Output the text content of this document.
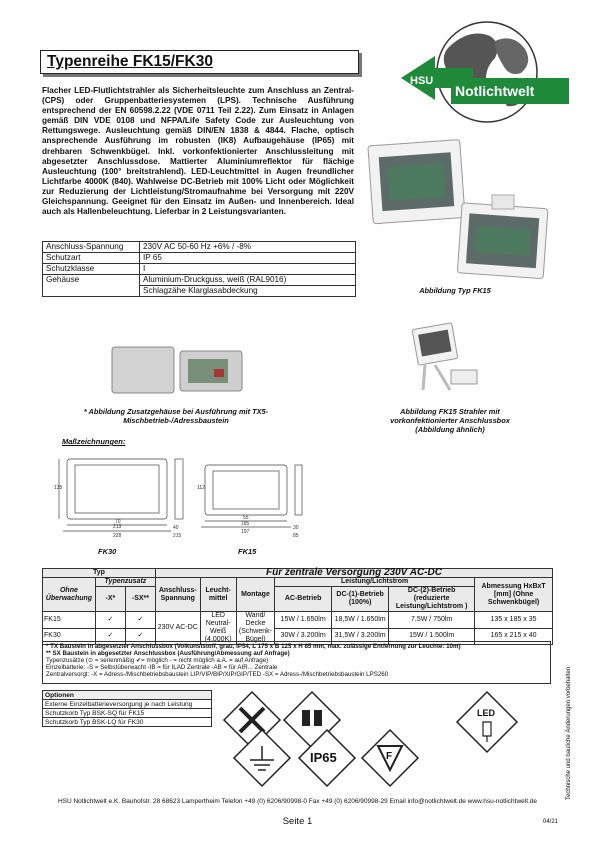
Typenreihe FK15/FK30
HSU
Notlichtwelt
Flacher LED-Flutlichtstrahler als Sicherheitsleuchte zum Anschluss an Zentral- (CPS) oder Gruppenbatteriesystemen (LPS). Technische Ausführung entsprechend der EN 60598.2.22 (VDE 0711 Teil 2.22). Zum Einsatz in Anlagen gemäß DIN VDE 0108 und NFPA/Life Safety Code zur Ausleuchtung von Rettungswege. Ausleuchtung gemäß DIN/EN 1838 & 4844. Flache, optisch ansprechende Ausführung im robusten (IK8) Aufbaugehäuse (IP65) mit drehbaren Schwenkbügel. Inkl. vorkonfektionierter Anschlussleitung mit abgesetzter Anschlussdose. Mattierter Aluminiumreflektor für flächige Ausleuchtung (100° breitstrahlend). LED-Leuchtmittel in Augen freundlicher Lichtfarbe 4000K (840). Wahlweise DC-Betrieb mit 100% Licht oder Möglichkeit zur Reduzierung der Lichtleistung/Stromaufnahme bei Versorgung mit 220V Gleichspannung. Geeignet für den Einsatz im Außen- und Innenbereich. Ideal auch als Hallenbeleuchtung. Lieferbar in 2 Leistungsvarianten.
Anschluss-Spannung	230V AC 50-60 Hz +6% / -8%
Schutzart	IP 65
Schutzklasse	I
Gehäuse	Aluminium-Druckguss, weiß (RAL9016)
	Schlagzähe Klarglasabdeckung	Abbildung Typ FK15
* Abbildung Zusatzgehäuse bei Ausführung mit TX5-Mischbetrieb-/Adressbaustein
Abbildung FK15 Strahler mit vorkonfektionierter Anschlussbox (Abbildung ähnlich)
Maßzeichnungen:
213
228
135
215
70
40
185
197
112
85
55
30
FK30	FK15
Typ			Für zentrale Versorgung 230V AC-DC						
Ohne Überwachung	Typenzusatz		Anschluss-Spannung	Leucht-mittel	Montage	Leistung/Lichtstrom			Abmessung HxBxT [mm] (Ohne Schwenkbügel)
	-X*	-SX**				AC-Betrieb	DC-(1)-Betrieb (100%)	DC-(2)-Betrieb (reduzierte Leistung/Lichtstrom )	
FK15	✓	✓	230V AC-DC	LED Neutral-Weiß (4.000K)	Wand/ Decke (Schwenk-Bügel)	15W / 1.650lm	18,5W / 1.650lm	7,5W / 750lm	135 x 185 x 35
FK30	✓	✓				30W / 3.200lm	31,5W / 3.200lm	15W / 1.500lm	165 x 215 x 40
* TX Baustein in abgesetzter Anschlussbox (Volkunststoff, grau, IP54, L 175 x B 125 x H 85 mm, max. zulässige Entfernung zur Leuchte: 10m)
** SX Baustein in abgesetzter Anschlussbox (Ausführung/Abmessung auf Anfrage)
Typenzusätze (⊙ = serienmäßig ✔= möglich - = nicht möglich a.A. = auf Anfrage)
Einzelbatterie: -S = Selbstüberwacht -IB = für ILAD Zentrale -AB = für AIR... Zentrale
Zentralversorgt: -X = Adress-/Mischbetriebsbaustein LIP/VIP/BIP/XIP/GIP/TED -SX = Adress-/Mischbetriebsbaustein LPS260
Optionen
Externe Einzelbatterieversorgung je nach Leistung
Schutzkorb Typ BSK-SQ für FK15
Schutzkorb Typ BSK-LQ für FK30
IP65	F
LED
HSU Notlichtwelt e.K. Bauhofstr. 28 68623 Lampertheim Telefon +49 (0) 6206/90998-0 Fax +49 (0) 6206/90998-29 Email info@notlichtwelt.de www.hsu-notlichtwelt.de
Seite 1	04/21
Technische und bauliche Änderungen vorbehalten
